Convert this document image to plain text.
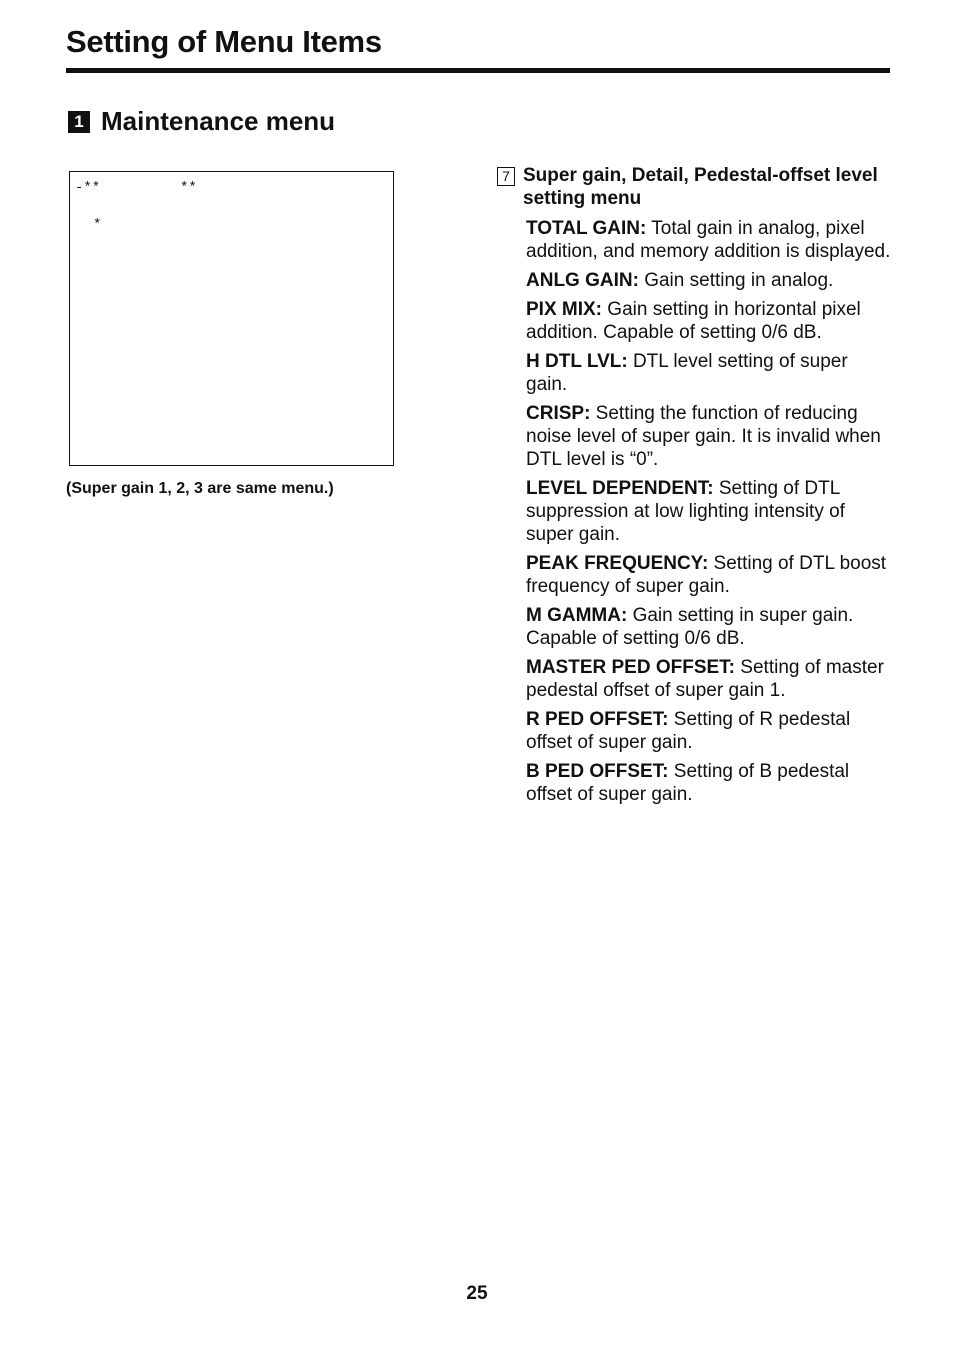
Setting of Menu Items
1 Maintenance menu
-**	**
*
(Super gain 1, 2, 3 are same menu.)
7 Super gain, Detail, Pedestal-offset level setting menu
TOTAL GAIN: Total gain in analog, pixel addition, and memory addition is displayed.
ANLG GAIN: Gain setting in analog.
PIX MIX: Gain setting in horizontal pixel addition. Capable of setting 0/6 dB.
H DTL LVL: DTL level setting of super gain.
CRISP: Setting the function of reducing noise level of super gain. It is invalid when DTL level is “0”.
LEVEL DEPENDENT: Setting of DTL suppression at low lighting intensity of super gain.
PEAK FREQUENCY: Setting of DTL boost frequency of super gain.
M GAMMA: Gain setting in super gain. Capable of setting 0/6 dB.
MASTER PED OFFSET: Setting of master pedestal offset of super gain 1.
R PED OFFSET: Setting of R pedestal offset of super gain.
B PED OFFSET: Setting of B pedestal offset of super gain.
25
